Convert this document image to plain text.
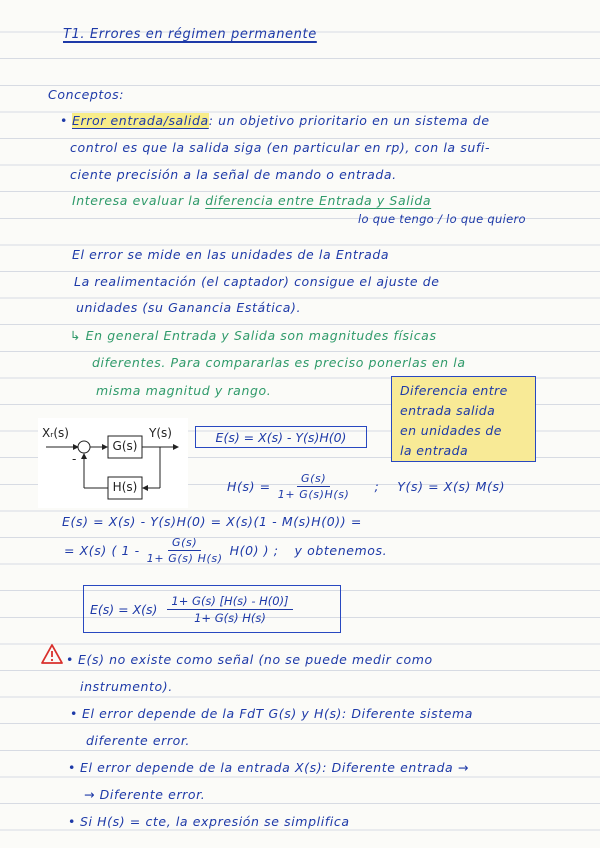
T1. Errores en régimen permanente
Conceptos:
• Error entrada/salida: un objetivo prioritario en un sistema de
control es que la salida siga (en particular en rp), con la sufi-
ciente precisión a la señal de mando o entrada.
Interesa evaluar la diferencia entre Entrada y Salida
lo que tengo / lo que quiero
El error se mide en las unidades de la Entrada
La realimentación (el captador) consigue el ajuste de
unidades (su Ganancia Estática).
↳ En general Entrada y Salida son magnitudes físicas
diferentes. Para compararlas es preciso ponerlas en la
misma magnitud y rango.	Diferencia entre
entrada salida
en unidades de
la entrada
Xᵣ(s)	Y(s)
G(s)
H(s)
-
E(s) = X(s) - Y(s)H(0)
$H(s) = \frac{G(s)}{1+ G(s)H(s)}$ ; Y(s) = X(s) M(s)
E(s) = X(s) - Y(s)H(0) = X(s)(1 - M(s)H(0)) =
= X(s) ( $1 - \frac{G(s)}{1+ G(s) H(s)} H(0)$ ) ; y obtenemos.
$E(s) = X(s) \frac{1+ G(s) [H(s) - H(0)]}{1+ G(s) H(s)}$
• E(s) no existe como señal (no se puede medir como
instrumento).
• El error depende de la FdT G(s) y H(s): Diferente sistema
diferente error.
• El error depende de la entrada X(s): Diferente entrada →
→ Diferente error.
• Si H(s) = cte, la expresión se simplifica
